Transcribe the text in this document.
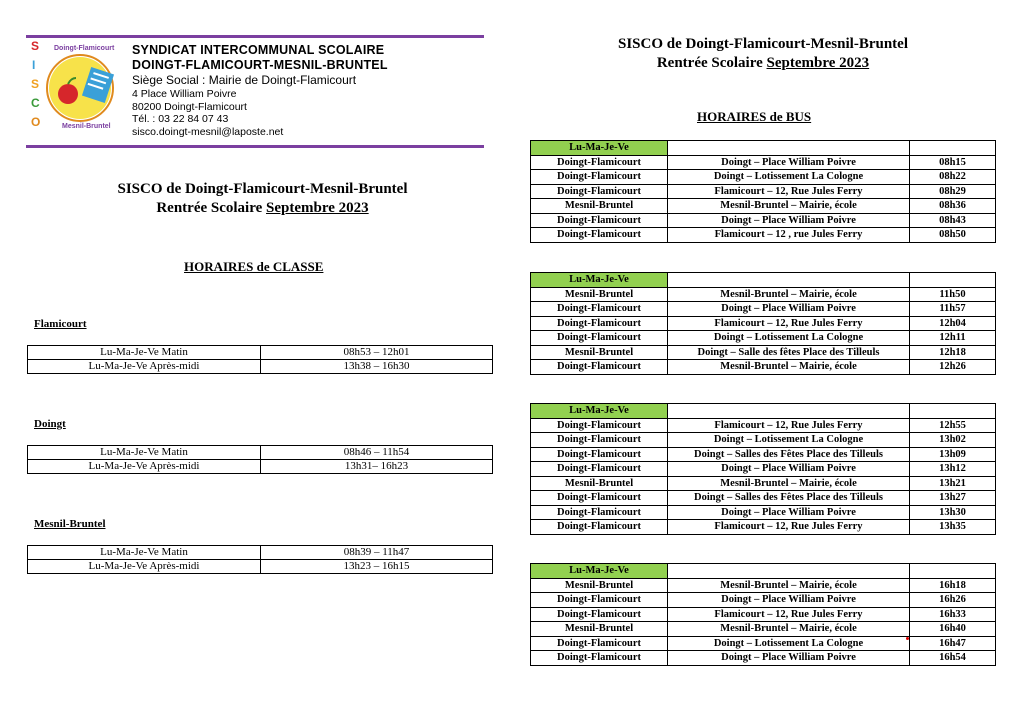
S
I
S
C
O
Doingt-Flamicourt
Mesnil-Bruntel
SYNDICAT INTERCOMMUNAL SCOLAIRE
DOINGT-FLAMICOURT-MESNIL-BRUNTEL
Siège Social : Mairie de Doingt-Flamicourt
4 Place William Poivre
80200 Doingt-Flamicourt
Tél. : 03 22 84 07 43
sisco.doingt-mesnil@laposte.net
SISCO de Doingt-Flamicourt-Mesnil-Bruntel
Rentrée Scolaire Septembre 2023
HORAIRES de CLASSE
Flamicourt
Lu-Ma-Je-Ve Matin	08h53 – 12h01
Lu-Ma-Je-Ve Après-midi	13h38 – 16h30
Doingt
Lu-Ma-Je-Ve Matin	08h46 – 11h54
Lu-Ma-Je-Ve Après-midi	13h31– 16h23
Mesnil-Bruntel
Lu-Ma-Je-Ve Matin	08h39 – 11h47
Lu-Ma-Je-Ve Après-midi	13h23 – 16h15
SISCO de Doingt-Flamicourt-Mesnil-Bruntel
Rentrée Scolaire Septembre 2023
HORAIRES de BUS
Lu-Ma-Je-Ve		
Doingt-Flamicourt	Doingt – Place William Poivre	08h15
Doingt-Flamicourt	Doingt – Lotissement La Cologne	08h22
Doingt-Flamicourt	Flamicourt – 12, Rue Jules Ferry	08h29
Mesnil-Bruntel	Mesnil-Bruntel – Mairie, école	08h36
Doingt-Flamicourt	Doingt – Place William Poivre	08h43
Doingt-Flamicourt	Flamicourt – 12 , rue Jules Ferry	08h50
Lu-Ma-Je-Ve		
Mesnil-Bruntel	Mesnil-Bruntel – Mairie, école	11h50
Doingt-Flamicourt	Doingt – Place William Poivre	11h57
Doingt-Flamicourt	Flamicourt – 12, Rue Jules Ferry	12h04
Doingt-Flamicourt	Doingt – Lotissement La Cologne	12h11
Mesnil-Bruntel	Doingt – Salle des fêtes Place des Tilleuls	12h18
Doingt-Flamicourt	Mesnil-Bruntel – Mairie, école	12h26
Lu-Ma-Je-Ve		
Doingt-Flamicourt	Flamicourt – 12, Rue Jules Ferry	12h55
Doingt-Flamicourt	Doingt – Lotissement La Cologne	13h02
Doingt-Flamicourt	Doingt – Salles des Fêtes Place des Tilleuls	13h09
Doingt-Flamicourt	Doingt – Place William Poivre	13h12
Mesnil-Bruntel	Mesnil-Bruntel – Mairie, école	13h21
Doingt-Flamicourt	Doingt – Salles des Fêtes Place des Tilleuls	13h27
Doingt-Flamicourt	Doingt – Place William Poivre	13h30
Doingt-Flamicourt	Flamicourt – 12, Rue Jules Ferry	13h35
Lu-Ma-Je-Ve		
Mesnil-Bruntel	Mesnil-Bruntel – Mairie, école	16h18
Doingt-Flamicourt	Doingt – Place William Poivre	16h26
Doingt-Flamicourt	Flamicourt – 12, Rue Jules Ferry	16h33
Mesnil-Bruntel	Mesnil-Bruntel – Mairie, école	16h40
Doingt-Flamicourt	Doingt – Lotissement La Cologne	16h47
Doingt-Flamicourt	Doingt – Place William Poivre	16h54
